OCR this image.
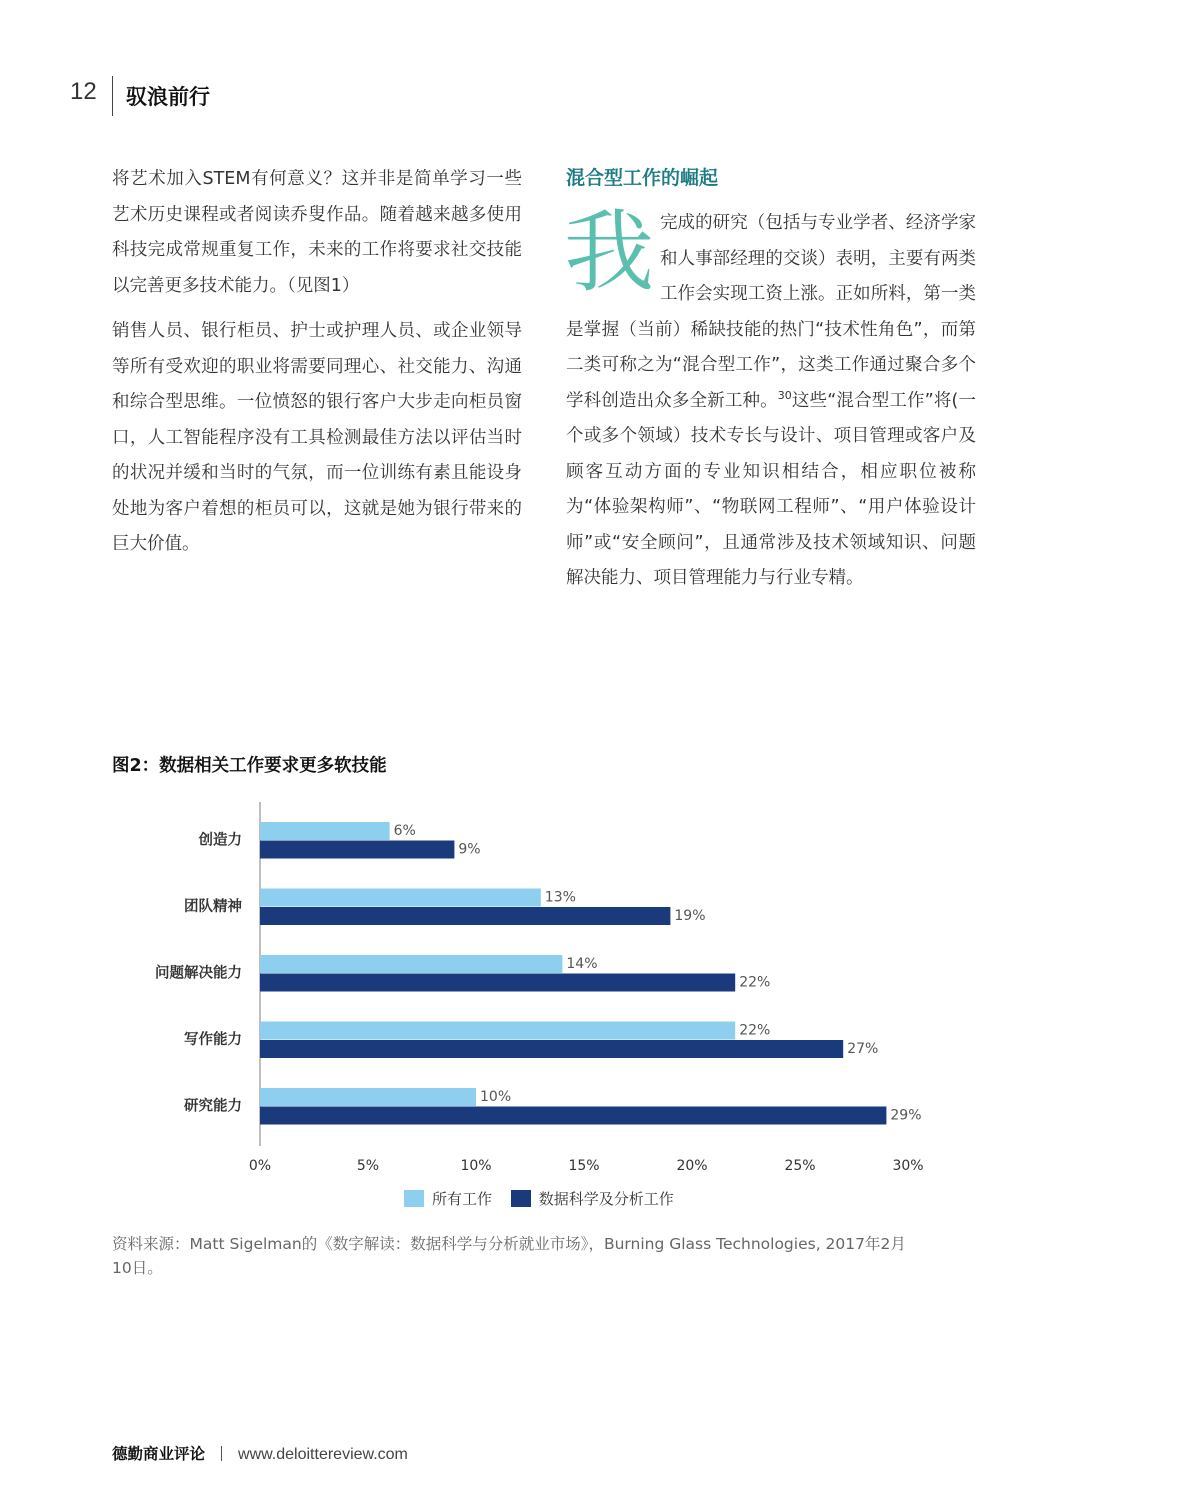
12 驭浪前行

将艺术加入STEM有何意义？这并非是简单学习一些艺术历史课程或者阅读乔叟作品。随着越来越多使用科技完成常规重复工作，未来的工作将要求社交技能以完善更多技术能力。（见图1）

销售人员、银行柜员、护士或护理人员、或企业领导等所有受欢迎的职业将需要同理心、社交能力、沟通和综合型思维。一位愤怒的银行客户大步走向柜员窗口，人工智能程序没有工具检测最佳方法以评估当时的状况并缓和当时的气氛，而一位训练有素且能设身处地为客户着想的柜员可以，这就是她为银行带来的巨大价值。

混合型工作的崛起

我完成的研究（包括与专业学者、经济学家和人事部经理的交谈）表明，主要有两类工作会实现工资上涨。正如所料，第一类是掌握（当前）稀缺技能的热门“技术性角色”，而第二类可称之为“混合型工作”，这类工作通过聚合多个学科创造出众多全新工种。$^{30}$这些“混合型工作”将(一个或多个领域）技术专长与设计、项目管理或客户及顾客互动方面的专业知识相结合，相应职位被称为“体验架构师”、“物联网工程师”、“用户体验设计师”或“安全顾问”，且通常涉及技术领域知识、问题解决能力、项目管理能力与行业专精。

图2：数据相关工作要求更多软技能
创造力
6%
9%
团队精神
13%
19%
问题解决能力
14%
22%
写作能力
22%
27%
研究能力
10%
29%
0%	5%	10%	15%	20%	25%	30%
所有工作	数据科学及分析工作
资料来源：Matt Sigelman的《数字解读：数据科学与分析就业市场》，Burning Glass Technologies, 2017年2月10日。
德勤商业评论 www.deloittereview.com
